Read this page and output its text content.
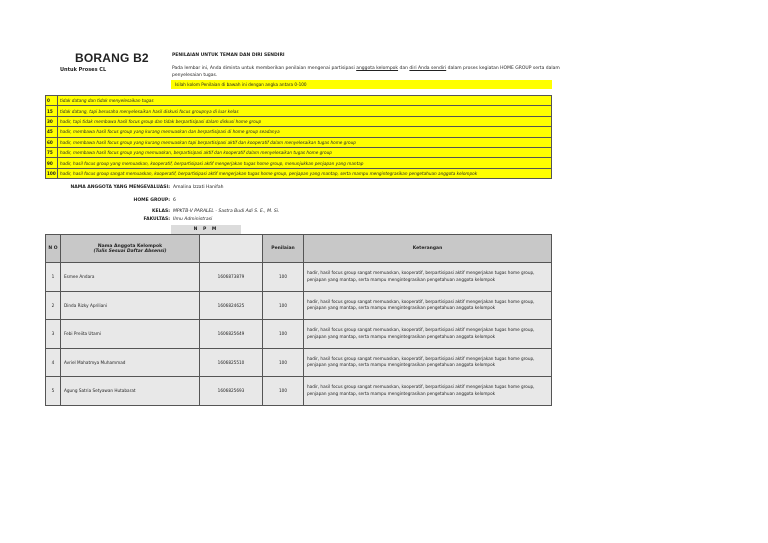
BORANG B2
Untuk Proses CL
PENILAIAN UNTUK TEMAN DAN DIRI SENDIRI
Pada lembar ini, Anda diminta untuk memberikan penilaian mengenai partisipasi anggota kelompok dan diri Anda sendiri dalam proses kegiatan HOME GROUP serta dalam penyelesaian tugas.
Isilah kolom Penilaian di bawah ini dengan angka antara 0-100
0	tidak datang dan tidak menyelesaikan tugas
15	tidak datang, tapi berusaha menyelesaikan hasil diskusi focus groupnya di luar kelas
30	hadir, tapi tidak membawa hasil focus group dan tidak berpartisipasi dalam diskusi home group
45	hadir, membawa hasil focus group yang kurang memuaskan dan berpartisipasi di home group seadanya
60	hadir, membawa hasil focus group yang kurang memuaskan tapi berpartisipasi aktif dan kooperatif dalam menyelesaikan tugas home group
75	hadir, membawa hasil focus group yang memuaskan, berpartisipasi aktif dan kooperatif dalam menyelesaikan tugas home group
90	hadir, hasil focus group yang memuaskan, kooperatif, berpartisipasi aktif mengerjakan tugas home group, menunjukkan penjapan yang mantap
100	hadir, hasil focus group sangat memuaskan, kooperatif, berpartisipasi aktif mengerjakan tugas home group, penjapan yang mantap, serta mampu mengintegrasikan pengetahuan anggota kelompok
NAMA ANGGOTA YANG MENGEVALUASI: Amalina Izzati Hanifah
HOME GROUP: 6
KELAS: MPKTB-V PARALEL - Sastra Budi Adi S. E., M. Si.
FAKULTAS: Ilmu Administrasi
N P M
N O	Nama Anggota Kelompok
(Tulis Sesuai Daftar Absensi)		Penilaian	Keterangan
1	Esmee Andara	1606873879	100	hadir, hasil focus group sangat memuaskan, kooperatif, berpartisipasi aktif mengerjakan tugas home group, penjapan yang mantap, serta mampu mengintegrasikan pengetahuan anggota kelompok
2	Dinda Rizky Apriliani	1606824625	100	hadir, hasil focus group sangat memuaskan, kooperatif, berpartisipasi aktif mengerjakan tugas home group, penjapan yang mantap, serta mampu mengintegrasikan pengetahuan anggota kelompok
3	Febi Preiita Utami	1606825649	100	hadir, hasil focus group sangat memuaskan, kooperatif, berpartisipasi aktif mengerjakan tugas home group, penjapan yang mantap, serta mampu mengintegrasikan pengetahuan anggota kelompok
4	Avriel Mahatmya Muhammad	1606825510	100	hadir, hasil focus group sangat memuaskan, kooperatif, berpartisipasi aktif mengerjakan tugas home group, penjapan yang mantap, serta mampu mengintegrasikan pengetahuan anggota kelompok
5	Agung Satria Setyawan Hutabarat	1606825693	100	hadir, hasil focus group sangat memuaskan, kooperatif, berpartisipasi aktif mengerjakan tugas home group, penjapan yang mantap, serta mampu mengintegrasikan pengetahuan anggota kelompok
